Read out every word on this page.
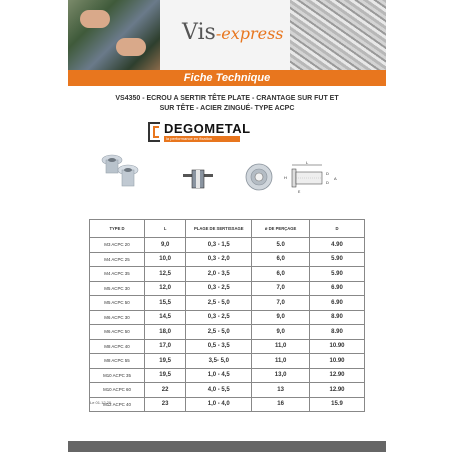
Vis-express
Fiche Technique
VS4350 - ECROU A SERTIR TÊTE PLATE - CRANTAGE SUR FUT ET
SUR TÊTE - ACIER ZINGUÉ- TYPE ACPC
DEGOMETAL
la performance en fixation
L
H
D
D
E
A
TYPE D	L	PLAGE DE SERTISSAGE	ø DE PERÇAGE	D
M3 ACPC 20	9,0	0,3 - 1,5	5.0	4.90
M4 ACPC 25	10,0	0,3 - 2,0	6,0	5.90
M4 ACPC 35	12,5	2,0 - 3,5	6,0	5.90
M5 ACPC 30	12,0	0,3 - 2,5	7,0	6.90
M5 ACPC 50	15,5	2,5 - 5,0	7,0	6.90
M6 ACPC 30	14,5	0,3 - 2,5	9,0	8.90
M6 ACPC 50	18,0	2,5 - 5,0	9,0	8.90
M8 ACPC 40	17,0	0,5 - 3,5	11,0	10.90
M8 ACPC 55	19,5	3,5- 5,0	11,0	10.90
M10 ACPC 35	19,5	1,0 - 4,5	13,0	12.90
M10 ACPC 60	22	4,0 - 5,5	13	12.90
M12 ACPC 40	23	1,0 - 4,0	16	15.9
Le 01.12.20
